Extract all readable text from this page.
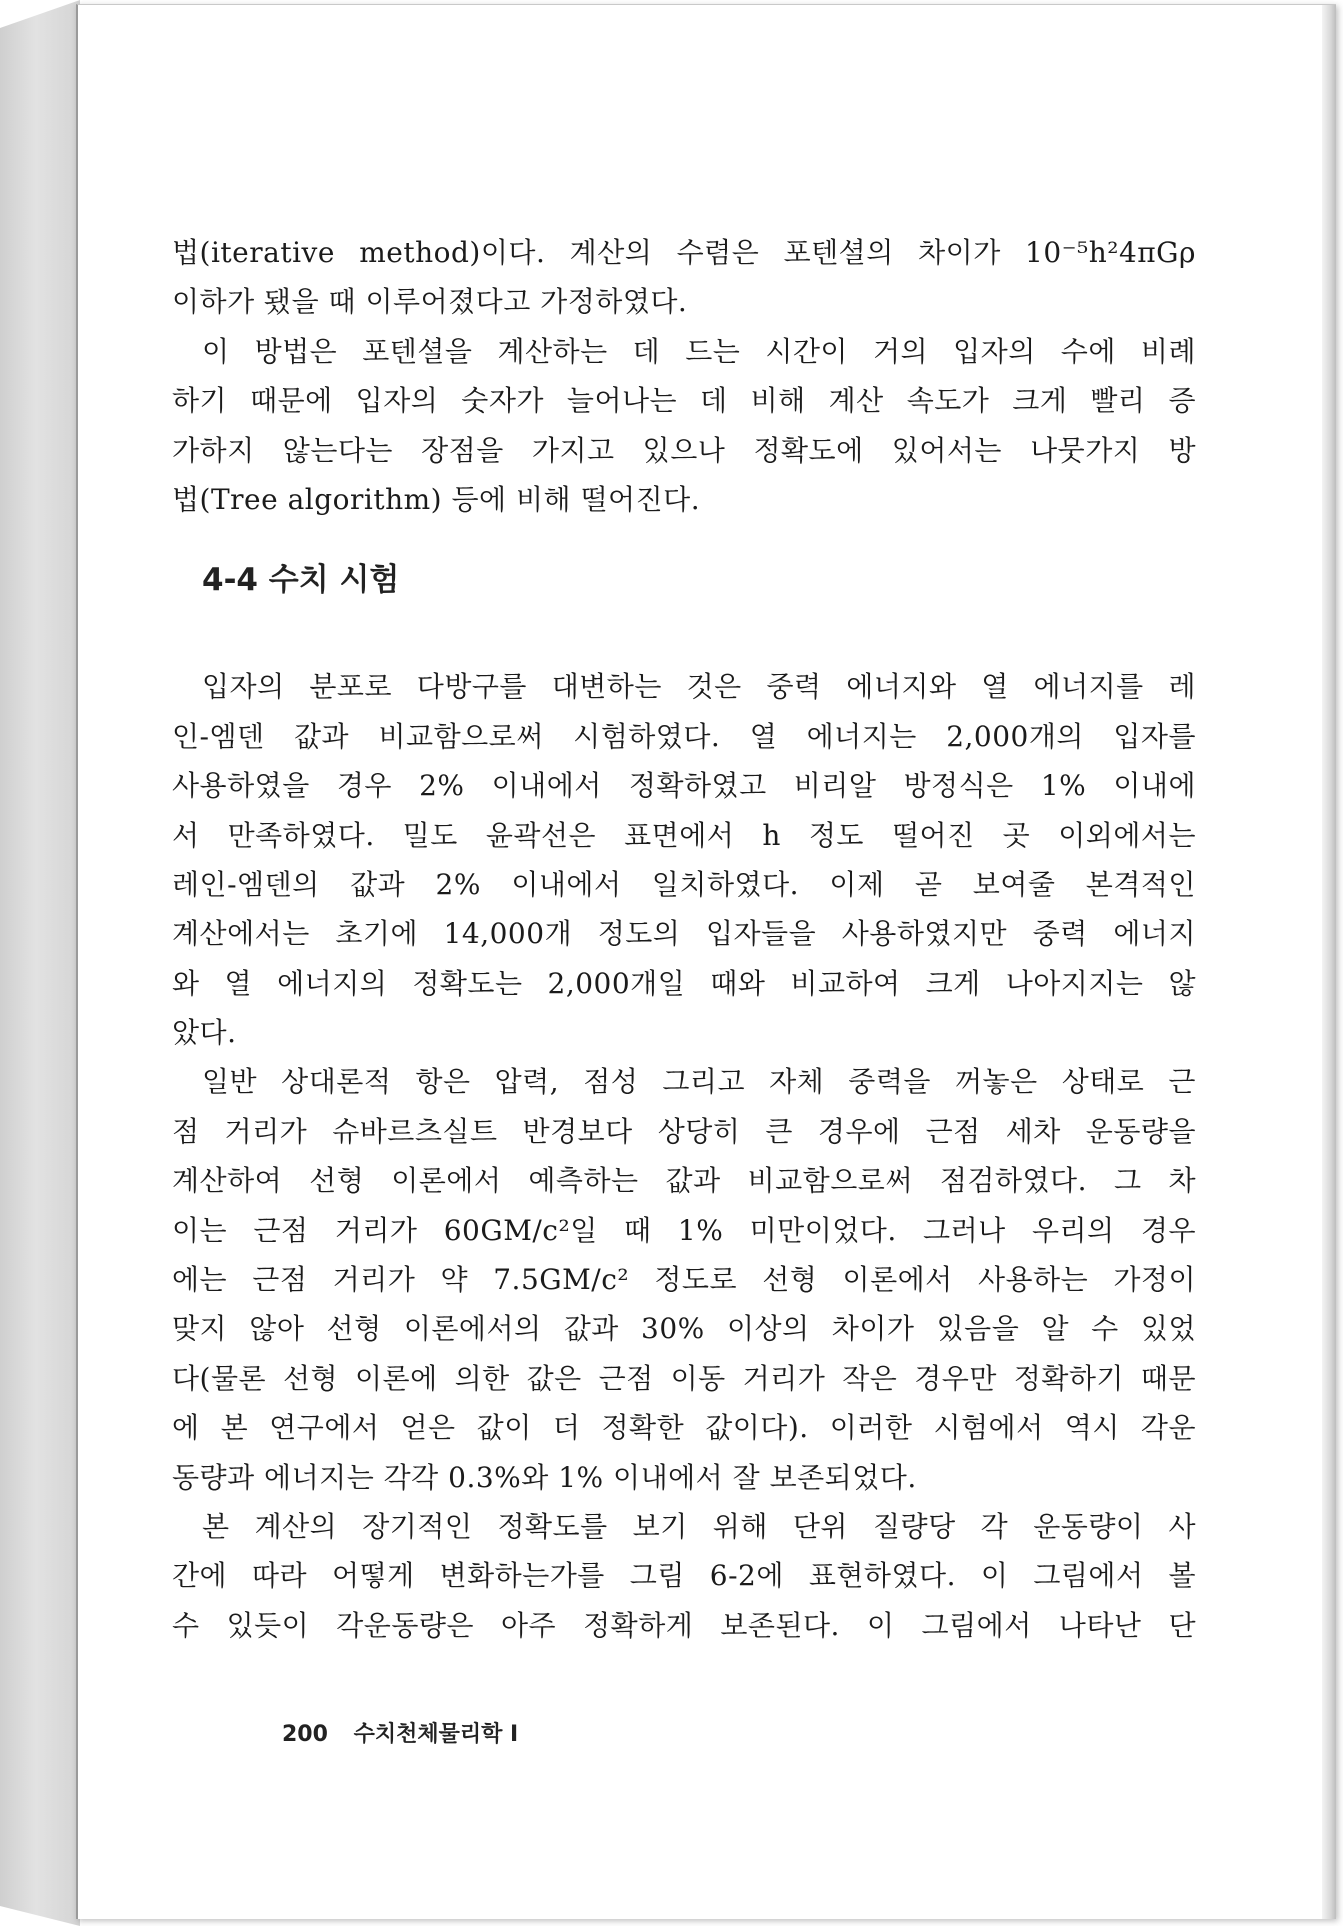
법(iterative method)이다. 계산의 수렴은 포텐셜의 차이가 10⁻⁵h²4πGρ
이하가 됐을 때 이루어졌다고 가정하였다.
이 방법은 포텐셜을 계산하는 데 드는 시간이 거의 입자의 수에 비례
하기 때문에 입자의 숫자가 늘어나는 데 비해 계산 속도가 크게 빨리 증
가하지 않는다는 장점을 가지고 있으나 정확도에 있어서는 나뭇가지 방
법(Tree algorithm) 등에 비해 떨어진다.
4-4 수치 시험
입자의 분포로 다방구를 대변하는 것은 중력 에너지와 열 에너지를 레
인-엠덴 값과 비교함으로써 시험하였다. 열 에너지는 2,000개의 입자를
사용하였을 경우 2% 이내에서 정확하였고 비리알 방정식은 1% 이내에
서 만족하였다. 밀도 윤곽선은 표면에서 h 정도 떨어진 곳 이외에서는
레인-엠덴의 값과 2% 이내에서 일치하였다. 이제 곧 보여줄 본격적인
계산에서는 초기에 14,000개 정도의 입자들을 사용하였지만 중력 에너지
와 열 에너지의 정확도는 2,000개일 때와 비교하여 크게 나아지지는 않
았다.
일반 상대론적 항은 압력, 점성 그리고 자체 중력을 꺼놓은 상태로 근
점 거리가 슈바르츠실트 반경보다 상당히 큰 경우에 근점 세차 운동량을
계산하여 선형 이론에서 예측하는 값과 비교함으로써 점검하였다. 그 차
이는 근점 거리가 60GM/c²일 때 1% 미만이었다. 그러나 우리의 경우
에는 근점 거리가 약 7.5GM/c² 정도로 선형 이론에서 사용하는 가정이
맞지 않아 선형 이론에서의 값과 30% 이상의 차이가 있음을 알 수 있었
다(물론 선형 이론에 의한 값은 근점 이동 거리가 작은 경우만 정확하기 때문
에 본 연구에서 얻은 값이 더 정확한 값이다). 이러한 시험에서 역시 각운
동량과 에너지는 각각 0.3%와 1% 이내에서 잘 보존되었다.
본 계산의 장기적인 정확도를 보기 위해 단위 질량당 각 운동량이 사
간에 따라 어떻게 변화하는가를 그림 6-2에 표현하였다. 이 그림에서 볼
수 있듯이 각운동량은 아주 정확하게 보존된다. 이 그림에서 나타난 단
200 수치천체물리학 I
